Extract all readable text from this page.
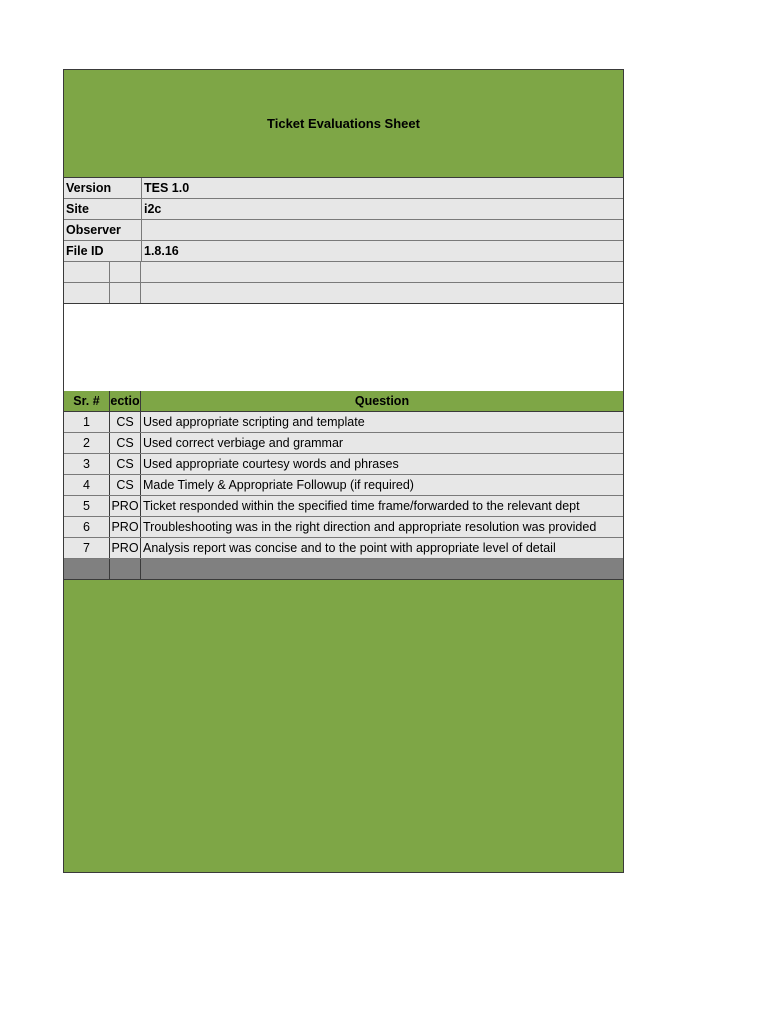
Ticket Evaluations Sheet
Version	TES 1.0
Site	i2c
Observer
File ID	1.8.16
Sr. # ectio	Question
1	CS Used appropriate scripting and template
2	CS Used correct verbiage and grammar
3	CS Used appropriate courtesy words and phrases
4	CS Made Timely & Appropriate Followup (if required)
5	PRO Ticket responded within the specified time frame/forwarded to the relevant dept
6	PRO Troubleshooting was in the right direction and appropriate resolution was provided
7	PRO Analysis report was concise and to the point with appropriate level of detail
